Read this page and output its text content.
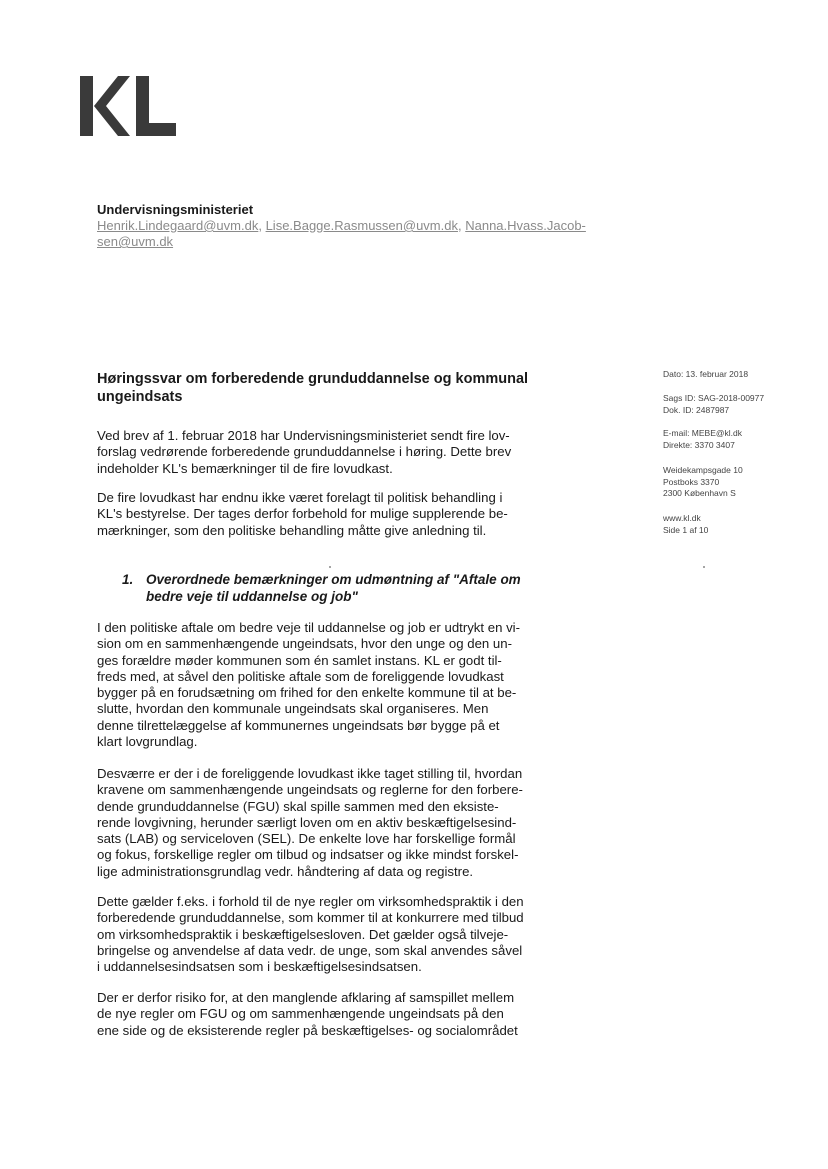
Undervisningsministeriet
Henrik.Lindegaard@uvm.dk, Lise.Bagge.Rasmussen@uvm.dk, Nanna.Hvass.Jacob-
sen@uvm.dk
Høringssvar om forberedende grunduddannelse og kommunal
ungeindsats
Dato: 13. februar 2018
Sags ID: SAG-2018-00977
Dok. ID: 2487987
E-mail: MEBE@kl.dk
Direkte: 3370 3407
Weidekampsgade 10
Postboks 3370
2300 København S
www.kl.dk
Side 1 af 10
Ved brev af 1. februar 2018 har Undervisningsministeriet sendt fire lov-
forslag vedrørende forberedende grunduddannelse i høring. Dette brev
indeholder KL's bemærkninger til de fire lovudkast.
De fire lovudkast har endnu ikke været forelagt til politisk behandling i
KL's bestyrelse. Der tages derfor forbehold for mulige supplerende be-
mærkninger, som den politiske behandling måtte give anledning til.
1. Overordnede bemærkninger om udmøntning af "Aftale om
bedre veje til uddannelse og job"
I den politiske aftale om bedre veje til uddannelse og job er udtrykt en vi-
sion om en sammenhængende ungeindsats, hvor den unge og den un-
ges forældre møder kommunen som én samlet instans. KL er godt til-
freds med, at såvel den politiske aftale som de foreliggende lovudkast
bygger på en forudsætning om frihed for den enkelte kommune til at be-
slutte, hvordan den kommunale ungeindsats skal organiseres. Men
denne tilrettelæggelse af kommunernes ungeindsats bør bygge på et
klart lovgrundlag.
Desværre er der i de foreliggende lovudkast ikke taget stilling til, hvordan
kravene om sammenhængende ungeindsats og reglerne for den forbere-
dende grunduddannelse (FGU) skal spille sammen med den eksiste-
rende lovgivning, herunder særligt loven om en aktiv beskæftigelsesind-
sats (LAB) og serviceloven (SEL). De enkelte love har forskellige formål
og fokus, forskellige regler om tilbud og indsatser og ikke mindst forskel-
lige administrationsgrundlag vedr. håndtering af data og registre.
Dette gælder f.eks. i forhold til de nye regler om virksomhedspraktik i den
forberedende grunduddannelse, som kommer til at konkurrere med tilbud
om virksomhedspraktik i beskæftigelsesloven. Det gælder også tilveje-
bringelse og anvendelse af data vedr. de unge, som skal anvendes såvel
i uddannelsesindsatsen som i beskæftigelsesindsatsen.
Der er derfor risiko for, at den manglende afklaring af samspillet mellem
de nye regler om FGU og om sammenhængende ungeindsats på den
ene side og de eksisterende regler på beskæftigelses- og socialområdet
